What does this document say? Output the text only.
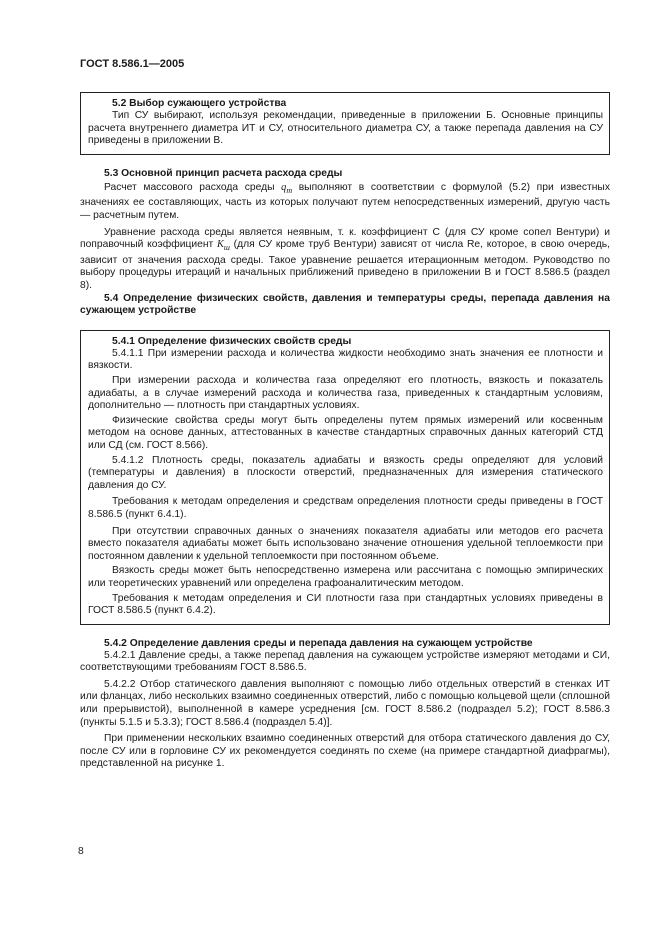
ГОСТ 8.586.1—2005
5.2 Выбор сужающего устройства

Тип СУ выбирают, используя рекомендации, приведенные в приложении Б. Основные принципы расчета внутреннего диаметра ИТ и СУ, относительного диаметра СУ, а также перепада давления на СУ приведены в приложении В.

5.3 Основной принцип расчета расхода среды

Расчет массового расхода среды $q_m$ выполняют в соответствии с формулой (5.2) при известных значениях ее составляющих, часть из которых получают путем непосредственных измерений, другую часть — расчетным путем.

Уравнение расхода среды является неявным, т. к. коэффициент С (для СУ кроме сопел Вентури) и поправочный коэффициент $K_ш$ (для СУ кроме труб Вентури) зависят от числа Re, которое, в свою очередь, зависит от значения расхода среды. Такое уравнение решается итерационным методом. Руководство по выбору процедуры итераций и начальных приближений приведено в приложении В и ГОСТ 8.586.5 (раздел 8).

5.4 Определение физических свойств, давления и температуры среды, перепада давления на сужающем устройстве

5.4.1 Определение физических свойств среды

5.4.1.1 При измерении расхода и количества жидкости необходимо знать значения ее плотности и вязкости.

При измерении расхода и количества газа определяют его плотность, вязкость и показатель адиабаты, а в случае измерений расхода и количества газа, приведенных к стандартным условиям, дополнительно — плотность при стандартных условиях.

Физические свойства среды могут быть определены путем прямых измерений или косвенным методом на основе данных, аттестованных в качестве стандартных справочных данных категорий СТД или СД (см. ГОСТ 8.566).

5.4.1.2 Плотность среды, показатель адиабаты и вязкость среды определяют для условий (температуры и давления) в плоскости отверстий, предназначенных для измерения статического давления до СУ.

Требования к методам определения и средствам определения плотности среды приведены в ГОСТ 8.586.5 (пункт 6.4.1).

При отсутствии справочных данных о значениях показателя адиабаты или методов его расчета вместо показателя адиабаты может быть использовано значение отношения удельной теплоемкости при постоянном давлении к удельной теплоемкости при постоянном объеме.

Вязкость среды может быть непосредственно измерена или рассчитана с помощью эмпирических или теоретических уравнений или определена графоаналитическим методом.

Требования к методам определения и СИ плотности газа при стандартных условиях приведены в ГОСТ 8.586.5 (пункт 6.4.2).

5.4.2 Определение давления среды и перепада давления на сужающем устройстве

5.4.2.1 Давление среды, а также перепад давления на сужающем устройстве измеряют методами и СИ, соответствующими требованиям ГОСТ 8.586.5.

5.4.2.2 Отбор статического давления выполняют с помощью либо отдельных отверстий в стенках ИТ или фланцах, либо нескольких взаимно соединенных отверстий, либо с помощью кольцевой щели (сплошной или прерывистой), выполненной в камере усреднения [см. ГОСТ 8.586.2 (подраздел 5.2); ГОСТ 8.586.3 (пункты 5.1.5 и 5.3.3); ГОСТ 8.586.4 (подраздел 5.4)].

При применении нескольких взаимно соединенных отверстий для отбора статического давления до СУ, после СУ или в горловине СУ их рекомендуется соединять по схеме (на примере стандартной диафрагмы), представленной на рисунке 1.

8
